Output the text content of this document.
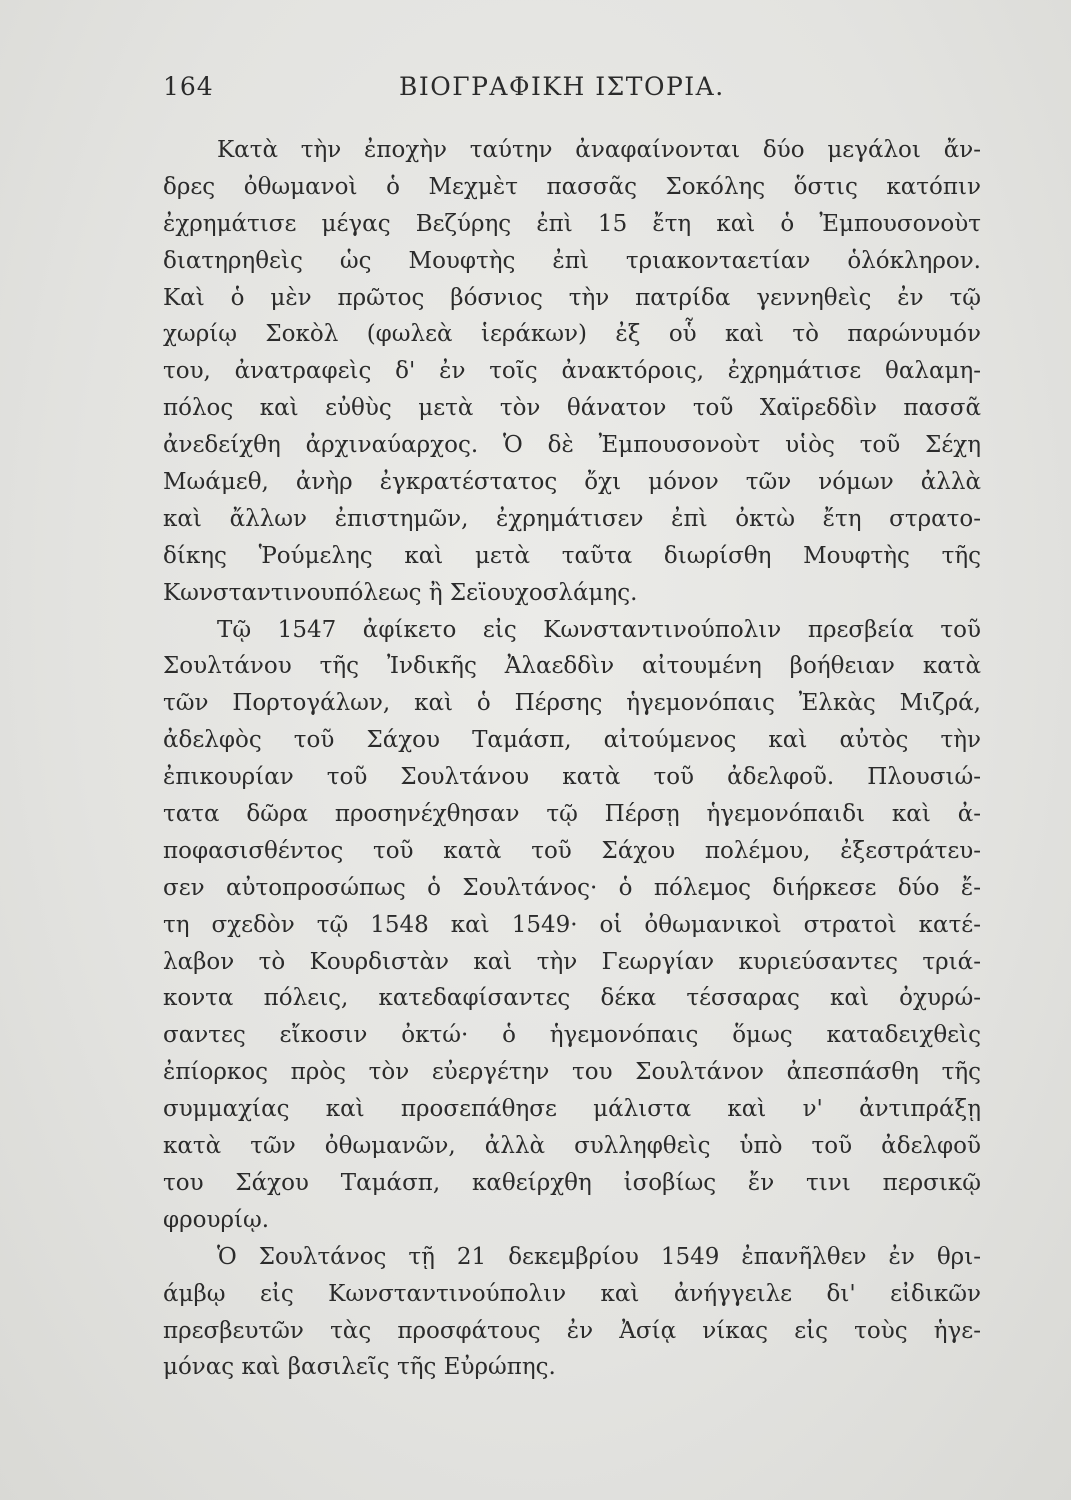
164	ΒΙΟΓΡΑΦΙΚΗ ΙΣΤΟΡΙΑ.
Κατὰ τὴν ἐποχὴν ταύτην ἀναφαίνονται δύο μεγάλοι ἄν-
δρες ὀθωμανοὶ ὁ Μεχμὲτ πασσᾶς Σοκόλης ὅστις κατόπιν
ἐχρημάτισε μέγας Βεζύρης ἐπὶ 15 ἔτη καὶ ὁ Ἐμπουσονοὺτ
διατηρηθεὶς ὡς Μουφτὴς ἐπὶ τριακονταετίαν ὁλόκληρον.
Καὶ ὁ μὲν πρῶτος βόσνιος τὴν πατρίδα γεννηθεὶς ἐν τῷ
χωρίῳ Σοκὸλ (φωλεὰ ἱεράκων) ἐξ οὗ καὶ τὸ παρώνυμόν
του, ἀνατραφεὶς δ' ἐν τοῖς ἀνακτόροις, ἐχρημάτισε θαλαμη-
πόλος καὶ εὐθὺς μετὰ τὸν θάνατον τοῦ Χαϊρεδδὶν πασσᾶ
ἀνεδείχθη ἀρχιναύαρχος. Ὁ δὲ Ἐμπουσονοὺτ υἱὸς τοῦ Σέχη
Μωάμεθ, ἀνὴρ ἐγκρατέστατος ὄχι μόνον τῶν νόμων ἀλλὰ
καὶ ἄλλων ἐπιστημῶν, ἐχρημάτισεν ἐπὶ ὀκτὼ ἔτη στρατο-
δίκης Ῥούμελης καὶ μετὰ ταῦτα διωρίσθη Μουφτὴς τῆς
Κωνσταντινουπόλεως ἢ Σεϊουχοσλάμης.
Τῷ 1547 ἀφίκετο εἰς Κωνσταντινούπολιν πρεσβεία τοῦ
Σουλτάνου τῆς Ἰνδικῆς Ἀλαεδδὶν αἰτουμένη βοήθειαν κατὰ
τῶν Πορτογάλων, καὶ ὁ Πέρσης ἡγεμονόπαις Ἐλκὰς Μιζρά,
ἀδελφὸς τοῦ Σάχου Ταμάσπ, αἰτούμενος καὶ αὐτὸς τὴν
ἐπικουρίαν τοῦ Σουλτάνου κατὰ τοῦ ἀδελφοῦ. Πλουσιώ-
τατα δῶρα προσηνέχθησαν τῷ Πέρσῃ ἡγεμονόπαιδι καὶ ἀ-
ποφασισθέντος τοῦ κατὰ τοῦ Σάχου πολέμου, ἐξεστράτευ-
σεν αὐτοπροσώπως ὁ Σουλτάνος· ὁ πόλεμος διήρκεσε δύο ἔ-
τη σχεδὸν τῷ 1548 καὶ 1549· οἱ ὀθωμανικοὶ στρατοὶ κατέ-
λαβον τὸ Κουρδιστὰν καὶ τὴν Γεωργίαν κυριεύσαντες τριά-
κοντα πόλεις, κατεδαφίσαντες δέκα τέσσαρας καὶ ὀχυρώ-
σαντες εἴκοσιν ὀκτώ· ὁ ἡγεμονόπαις ὅμως καταδειχθεὶς
ἐπίορκος πρὸς τὸν εὐεργέτην του Σουλτάνον ἀπεσπάσθη τῆς
συμμαχίας καὶ προσεπάθησε μάλιστα καὶ ν' ἀντιπράξῃ
κατὰ τῶν ὀθωμανῶν, ἀλλὰ συλληφθεὶς ὑπὸ τοῦ ἀδελφοῦ
του Σάχου Ταμάσπ, καθείρχθη ἰσοβίως ἔν τινι περσικῷ
φρουρίῳ.
Ὁ Σουλτάνος τῇ 21 δεκεμβρίου 1549 ἐπανῆλθεν ἐν θρι-
άμβῳ εἰς Κωνσταντινούπολιν καὶ ἀνήγγειλε δι' εἰδικῶν
πρεσβευτῶν τὰς προσφάτους ἐν Ἀσίᾳ νίκας εἰς τοὺς ἡγε-
μόνας καὶ βασιλεῖς τῆς Εὐρώπης.
